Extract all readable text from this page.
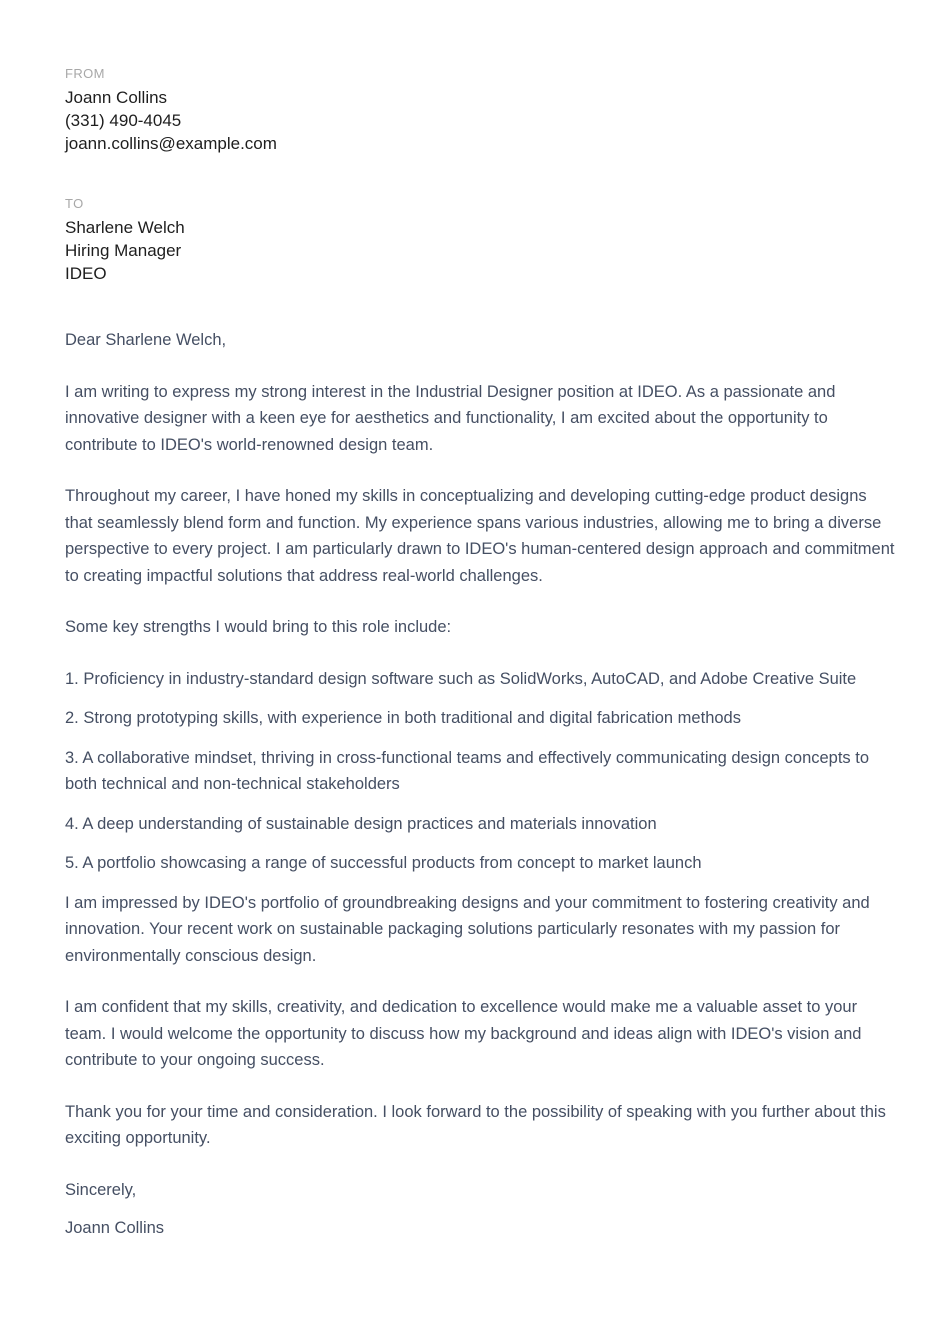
FROM
Joann Collins
(331) 490-4045
joann.collins@example.com
TO
Sharlene Welch
Hiring Manager
IDEO

Dear Sharlene Welch,

I am writing to express my strong interest in the Industrial Designer position at IDEO. As a passionate and innovative designer with a keen eye for aesthetics and functionality, I am excited about the opportunity to contribute to IDEO's world-renowned design team.

Throughout my career, I have honed my skills in conceptualizing and developing cutting-edge product designs that seamlessly blend form and function. My experience spans various industries, allowing me to bring a diverse perspective to every project. I am particularly drawn to IDEO's human-centered design approach and commitment to creating impactful solutions that address real-world challenges.

Some key strengths I would bring to this role include:

1. Proficiency in industry-standard design software such as SolidWorks, AutoCAD, and Adobe Creative Suite

2. Strong prototyping skills, with experience in both traditional and digital fabrication methods

3. A collaborative mindset, thriving in cross-functional teams and effectively communicating design concepts to both technical and non-technical stakeholders

4. A deep understanding of sustainable design practices and materials innovation

5. A portfolio showcasing a range of successful products from concept to market launch

I am impressed by IDEO's portfolio of groundbreaking designs and your commitment to fostering creativity and innovation. Your recent work on sustainable packaging solutions particularly resonates with my passion for environmentally conscious design.

I am confident that my skills, creativity, and dedication to excellence would make me a valuable asset to your team. I would welcome the opportunity to discuss how my background and ideas align with IDEO's vision and contribute to your ongoing success.

Thank you for your time and consideration. I look forward to the possibility of speaking with you further about this exciting opportunity.

Sincerely,

Joann Collins
